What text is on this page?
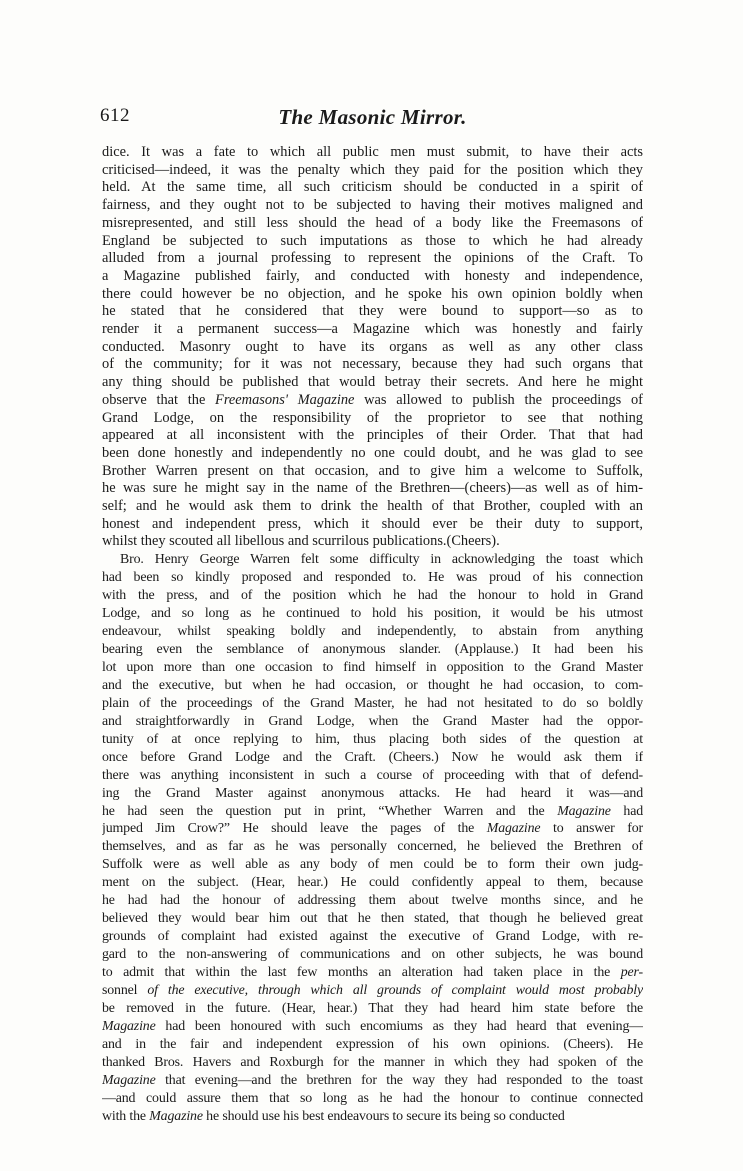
612	The Masonic Mirror.
dice. It was a fate to which all public men must submit, to have their acts
criticised—indeed, it was the penalty which they paid for the position which they
held. At the same time, all such criticism should be conducted in a spirit of
fairness, and they ought not to be subjected to having their motives maligned and
misrepresented, and still less should the head of a body like the Freemasons of
England be subjected to such imputations as those to which he had already
alluded from a journal professing to represent the opinions of the Craft. To
a Magazine published fairly, and conducted with honesty and independence,
there could however be no objection, and he spoke his own opinion boldly when
he stated that he considered that they were bound to support—so as to
render it a permanent success—a Magazine which was honestly and fairly
conducted. Masonry ought to have its organs as well as any other class
of the community; for it was not necessary, because they had such organs that
any thing should be published that would betray their secrets. And here he might
observe that the Freemasons' Magazine was allowed to publish the proceedings of
Grand Lodge, on the responsibility of the proprietor to see that nothing
appeared at all inconsistent with the principles of their Order. That that had
been done honestly and independently no one could doubt, and he was glad to see
Brother Warren present on that occasion, and to give him a welcome to Suffolk,
he was sure he might say in the name of the Brethren—(cheers)—as well as of him-
self; and he would ask them to drink the health of that Brother, coupled with an
honest and independent press, which it should ever be their duty to support,
whilst they scouted all libellous and scurrilous publications.(Cheers).
Bro. Henry George Warren felt some difficulty in acknowledging the toast which
had been so kindly proposed and responded to. He was proud of his connection
with the press, and of the position which he had the honour to hold in Grand
Lodge, and so long as he continued to hold his position, it would be his utmost
endeavour, whilst speaking boldly and independently, to abstain from anything
bearing even the semblance of anonymous slander. (Applause.) It had been his
lot upon more than one occasion to find himself in opposition to the Grand Master
and the executive, but when he had occasion, or thought he had occasion, to com-
plain of the proceedings of the Grand Master, he had not hesitated to do so boldly
and straightforwardly in Grand Lodge, when the Grand Master had the oppor-
tunity of at once replying to him, thus placing both sides of the question at
once before Grand Lodge and the Craft. (Cheers.) Now he would ask them if
there was anything inconsistent in such a course of proceeding with that of defend-
ing the Grand Master against anonymous attacks. He had heard it was—and
he had seen the question put in print, “Whether Warren and the Magazine had
jumped Jim Crow?” He should leave the pages of the Magazine to answer for
themselves, and as far as he was personally concerned, he believed the Brethren of
Suffolk were as well able as any body of men could be to form their own judg-
ment on the subject. (Hear, hear.) He could confidently appeal to them, because
he had had the honour of addressing them about twelve months since, and he
believed they would bear him out that he then stated, that though he believed great
grounds of complaint had existed against the executive of Grand Lodge, with re-
gard to the non-answering of communications and on other subjects, he was bound
to admit that within the last few months an alteration had taken place in the per-
sonnel of the executive, through which all grounds of complaint would most probably
be removed in the future. (Hear, hear.) That they had heard him state before the
Magazine had been honoured with such encomiums as they had heard that evening—
and in the fair and independent expression of his own opinions. (Cheers). He
thanked Bros. Havers and Roxburgh for the manner in which they had spoken of the
Magazine that evening—and the brethren for the way they had responded to the toast
—and could assure them that so long as he had the honour to continue connected
with the Magazine he should use his best endeavours to secure its being so conducted
